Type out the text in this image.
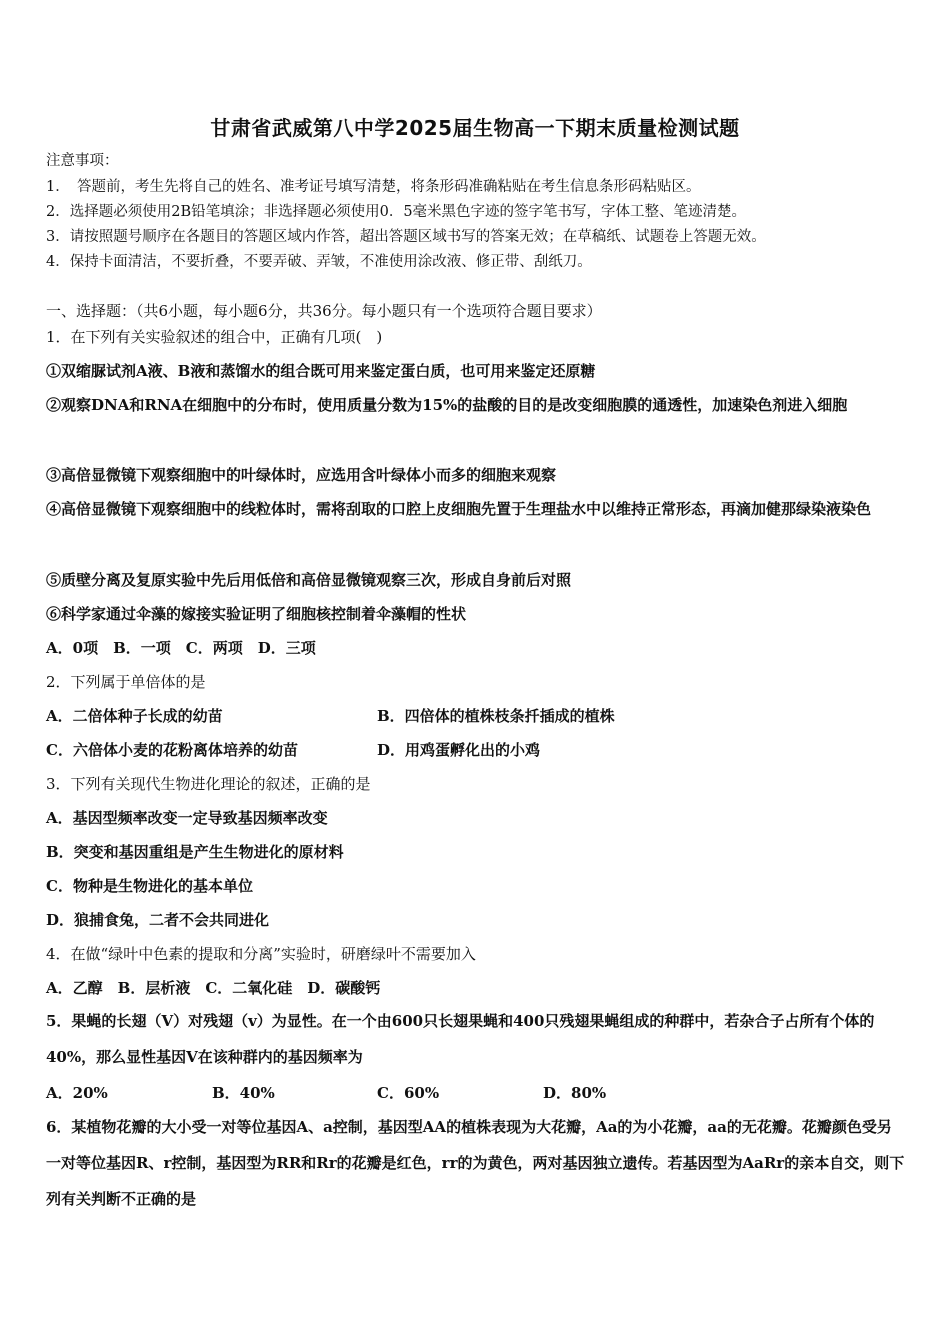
甘肃省武威第八中学2025届生物高一下期末质量检测试题
注意事项：
1．　答题前，考生先将自己的姓名、准考证号填写清楚，将条形码准确粘贴在考生信息条形码粘贴区。
2．选择题必须使用2B铅笔填涂；非选择题必须使用0．5毫米黑色字迹的签字笔书写，字体工整、笔迹清楚。
3．请按照题号顺序在各题目的答题区域内作答，超出答题区域书写的答案无效；在草稿纸、试题卷上答题无效。
4．保持卡面清洁，不要折叠，不要弄破、弄皱，不准使用涂改液、修正带、刮纸刀。
一、选择题：（共6小题，每小题6分，共36分。每小题只有一个选项符合题目要求）
1．在下列有关实验叙述的组合中，正确有几项(　)
①双缩脲试剂A液、B液和蒸馏水的组合既可用来鉴定蛋白质，也可用来鉴定还原糖
②观察DNA和RNA在细胞中的分布时，使用质量分数为15%的盐酸的目的是改变细胞膜的通透性，加速染色剂进入细胞
③高倍显微镜下观察细胞中的叶绿体时，应选用含叶绿体小而多的细胞来观察
④高倍显微镜下观察细胞中的线粒体时，需将刮取的口腔上皮细胞先置于生理盐水中以维持正常形态，再滴加健那绿染液染色
⑤质壁分离及复原实验中先后用低倍和高倍显微镜观察三次，形成自身前后对照
⑥科学家通过伞藻的嫁接实验证明了细胞核控制着伞藻帽的性状
A．0项　B．一项　C．两项　D．三项
2．下列属于单倍体的是
A．二倍体种子长成的幼苗	B．四倍体的植株枝条扦插成的植株
C．六倍体小麦的花粉离体培养的幼苗	D．用鸡蛋孵化出的小鸡
3．下列有关现代生物进化理论的叙述，正确的是
A．基因型频率改变一定导致基因频率改变
B．突变和基因重组是产生生物进化的原材料
C．物种是生物进化的基本单位
D．狼捕食兔，二者不会共同进化
4．在做“绿叶中色素的提取和分离”实验时，研磨绿叶不需要加入
A．乙醇　B．层析液　C．二氧化硅　D．碳酸钙
5．果蝇的长翅（V）对残翅（v）为显性。在一个由600只长翅果蝇和400只残翅果蝇组成的种群中，若杂合子占所有个体的40%，那么显性基因V在该种群内的基因频率为
A．20%	B．40%	C．60%	D．80%
6．某植物花瓣的大小受一对等位基因A、a控制，基因型AA的植株表现为大花瓣，Aa的为小花瓣，aa的无花瓣。花瓣颜色受另一对等位基因R、r控制，基因型为RR和Rr的花瓣是红色，rr的为黄色，两对基因独立遗传。若基因型为AaRr的亲本自交，则下列有关判断不正确的是
